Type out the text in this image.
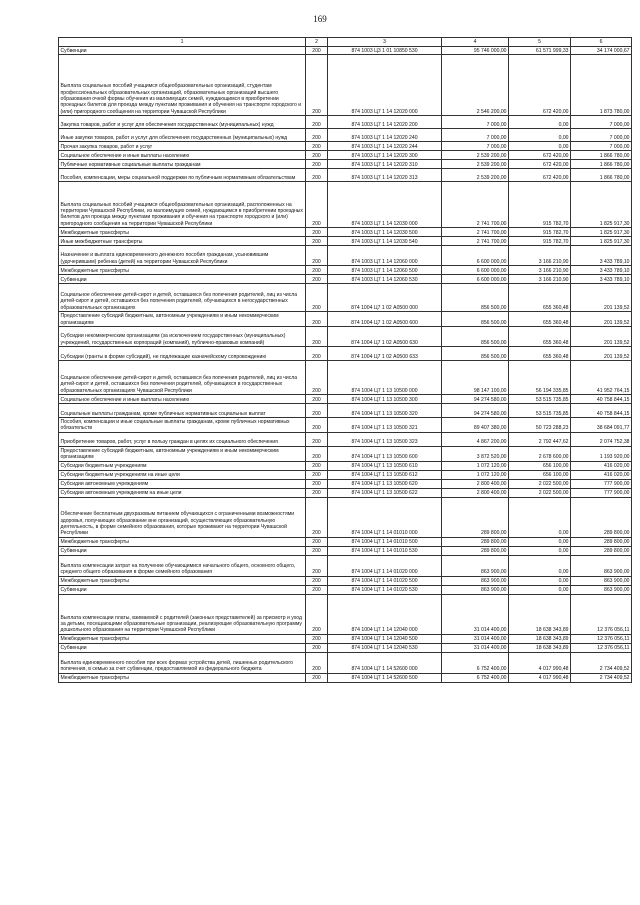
169
1	2	3	4	5	6
Субвенции	200	874 1003 Ц3 1 01 10850 530	95 746 000,00	61 571 999,33	34 174 000,67
Выплата социальных пособий учащимся общеобразовательных организаций, студентам профессиональных образовательных организаций, образовательных организаций высшего образования очной формы обучения из малоимущих семей, нуждающимся в приобретении проездных билетов для проезда между пунктами проживания и обучения на транспорте городского и (или) пригородного сообщения на территории Чувашской Республики	200	874 1003 Ц7 1 14 12020 000	2 546 200,00	672 420,00	1 873 780,00
Закупка товаров, работ и услуг для обеспечения государственных (муниципальных) нужд	200	874 1003 Ц7 1 14 12020 200	7 000,00	0,00	7 000,00
Иные закупки товаров, работ и услуг для обеспечения государственных (муниципальных) нужд	200	874 1003 Ц7 1 14 12020 240	7 000,00	0,00	7 000,00
Прочая закупка товаров, работ и услуг	200	874 1003 Ц7 1 14 12020 244	7 000,00	0,00	7 000,00
Социальное обеспечение и иные выплаты населению	200	874 1003 Ц7 1 14 12020 300	2 539 200,00	672 420,00	1 866 780,00
Публичные нормативные социальные выплаты гражданам	200	874 1003 Ц7 1 14 12020 310	2 539 200,00	672 420,00	1 866 780,00
Пособия, компенсации, меры социальной поддержки по публичным нормативным обязательствам	200	874 1003 Ц7 1 14 12020 313	2 539 200,00	672 420,00	1 866 780,00
Выплата социальных пособий учащимся общеобразовательных организаций, расположенных на территории Чувашской Республики, из малоимущих семей, нуждающимся в приобретении проездных билетов для проезда между пунктами проживания и обучения на транспорте городского и (или) пригородного сообщения на территории Чувашской Республики	200	874 1003 Ц7 1 14 12030 000	2 741 700,00	915 782,70	1 825 917,30
Межбюджетные трансферты	200	874 1003 Ц7 1 14 12030 500	2 741 700,00	915 782,70	1 825 917,30
Иные межбюджетные трансферты	200	874 1003 Ц7 1 14 12030 540	2 741 700,00	915 782,70	1 825 917,30
Назначение и выплата единовременного денежного пособия гражданам, усыновившим (удочерившим) ребенка (детей) на территории Чувашской Республики	200	874 1003 Ц7 1 14 12060 000	6 600 000,00	3 166 210,90	3 433 789,10
Межбюджетные трансферты	200	874 1003 Ц7 1 14 12060 500	6 600 000,00	3 166 210,90	3 433 789,10
Субвенции	200	874 1003 Ц7 1 14 12060 530	6 600 000,00	3 166 210,90	3 433 789,10
Социальное обеспечение детей-сирот и детей, оставшихся без попечения родителей, лиц из числа детей-сирот и детей, оставшихся без попечения родителей, обучающихся в негосударственных образовательных организациях	200	874 1004 Ц7 1 02 А0500 000	856 500,00	655 360,48	201 139,52
Предоставление субсидий бюджетным, автономным учреждениям и иным некоммерческим организациям	200	874 1004 Ц7 1 02 А0500 600	856 500,00	655 360,48	201 139,52
Субсидии некоммерческим организациям (за исключением государственных (муниципальных) учреждений, государственных корпораций (компаний), публично-правовых компаний)	200	874 1004 Ц7 1 02 А0500 630	856 500,00	655 360,48	201 139,52
Субсидии (гранты в форме субсидий), не подлежащие казначейскому сопровождению	200	874 1004 Ц7 1 02 А0500 633	856 500,00	655 360,48	201 139,52
Социальное обеспечение детей-сирот и детей, оставшихся без попечения родителей, лиц из числа детей-сирот и детей, оставшихся без попечения родителей, обучающихся в государственных образовательных организациях Чувашской Республики	200	874 1004 Ц7 1 13 10500 000	98 147 100,00	56 194 335,85	41 952 764,15
Социальное обеспечение и иные выплаты населению	200	874 1004 Ц7 1 13 10500 300	94 274 580,00	53 515 735,85	40 758 844,15
Социальные выплаты гражданам, кроме публичных нормативных социальных выплат	200	874 1004 Ц7 1 13 10500 320	94 274 580,00	53 515 735,85	40 758 844,15
Пособия, компенсации и иные социальные выплаты гражданам, кроме публичных нормативных обязательств	200	874 1004 Ц7 1 13 10500 321	89 407 380,00	50 723 288,23	38 684 091,77
Приобретение товаров, работ, услуг в пользу граждан в целях их социального обеспечения	200	874 1004 Ц7 1 13 10500 323	4 867 200,00	2 792 447,62	2 074 752,38
Предоставление субсидий бюджетным, автономным учреждениям и иным некоммерческим организациям	200	874 1004 Ц7 1 13 10500 600	3 872 520,00	2 678 600,00	1 193 920,00
Субсидии бюджетным учреждениям	200	874 1004 Ц7 1 13 10500 610	1 072 120,00	656 100,00	416 020,00
Субсидии бюджетным учреждениям на иные цели	200	874 1004 Ц7 1 13 10500 612	1 072 120,00	656 100,00	416 020,00
Субсидии автономным учреждениям	200	874 1004 Ц7 1 13 10500 620	2 800 400,00	2 022 500,00	777 900,00
Субсидии автономным учреждениям на иные цели	200	874 1004 Ц7 1 13 10500 622	2 800 400,00	2 022 500,00	777 900,00
Обеспечение бесплатным двухразовым питанием обучающихся с ограниченными возможностями здоровья, получающих образование вне организаций, осуществляющих образовательную деятельность, в форме семейного образования, которые проживают на территории Чувашской Республики	200	874 1004 Ц7 1 14 01010 000	289 800,00	0,00	289 800,00
Межбюджетные трансферты	200	874 1004 Ц7 1 14 01010 500	289 800,00	0,00	289 800,00
Субвенции	200	874 1004 Ц7 1 14 01010 530	289 800,00	0,00	289 800,00
Выплата компенсации затрат на получение обучающимися начального общего, основного общего, среднего общего образования в форме семейного образования	200	874 1004 Ц7 1 14 01020 000	863 900,00	0,00	863 900,00
Межбюджетные трансферты	200	874 1004 Ц7 1 14 01020 500	863 900,00	0,00	863 900,00
Субвенции	200	874 1004 Ц7 1 14 01020 530	863 900,00	0,00	863 900,00
Выплата компенсации платы, взимаемой с родителей (законных представителей) за присмотр и уход за детьми, посещающими образовательные организации, реализующие образовательную программу дошкольного образования на территории Чувашской Республики	200	874 1004 Ц7 1 14 12040 000	31 014 400,00	18 638 343,89	12 376 056,11
Межбюджетные трансферты	200	874 1004 Ц7 1 14 12040 500	31 014 400,00	18 638 343,89	12 376 056,11
Субвенции	200	874 1004 Ц7 1 14 12040 530	31 014 400,00	18 638 343,89	12 376 056,11
Выплата единовременного пособия при всех формах устройства детей, лишенных родительского попечения, в семью за счет субвенции, предоставляемой из федерального бюджета	200	874 1004 Ц7 1 14 52600 000	6 752 400,00	4 017 990,48	2 734 409,52
Межбюджетные трансферты	200	874 1004 Ц7 1 14 52600 500	6 752 400,00	4 017 990,48	2 734 409,52
